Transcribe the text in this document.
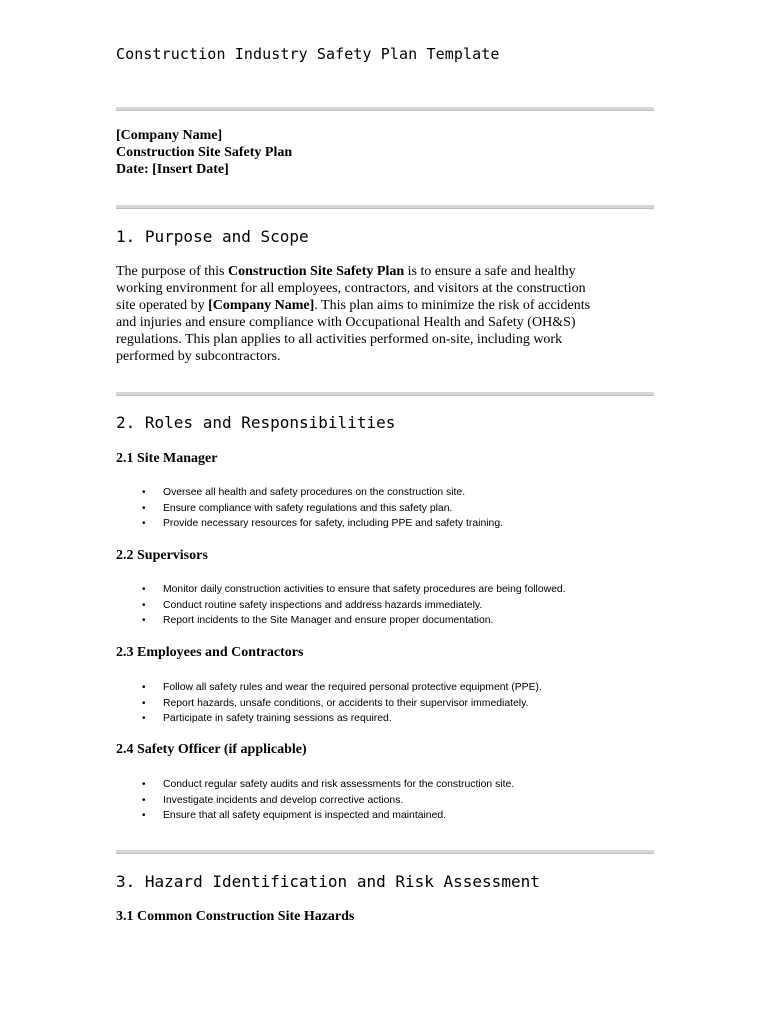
Construction Industry Safety Plan Template
[Company Name]
Construction Site Safety Plan
Date: [Insert Date]
1. Purpose and Scope
The purpose of this Construction Site Safety Plan is to ensure a safe and healthy
working environment for all employees, contractors, and visitors at the construction
site operated by [Company Name]. This plan aims to minimize the risk of accidents
and injuries and ensure compliance with Occupational Health and Safety (OH&S)
regulations. This plan applies to all activities performed on-site, including work
performed by subcontractors.
2. Roles and Responsibilities
2.1 Site Manager
• Oversee all health and safety procedures on the construction site.
• Ensure compliance with safety regulations and this safety plan.
• Provide necessary resources for safety, including PPE and safety training.
2.2 Supervisors
• Monitor daily construction activities to ensure that safety procedures are being followed.
• Conduct routine safety inspections and address hazards immediately.
• Report incidents to the Site Manager and ensure proper documentation.
2.3 Employees and Contractors
• Follow all safety rules and wear the required personal protective equipment (PPE).
• Report hazards, unsafe conditions, or accidents to their supervisor immediately.
• Participate in safety training sessions as required.
2.4 Safety Officer (if applicable)
• Conduct regular safety audits and risk assessments for the construction site.
• Investigate incidents and develop corrective actions.
• Ensure that all safety equipment is inspected and maintained.
3. Hazard Identification and Risk Assessment
3.1 Common Construction Site Hazards
